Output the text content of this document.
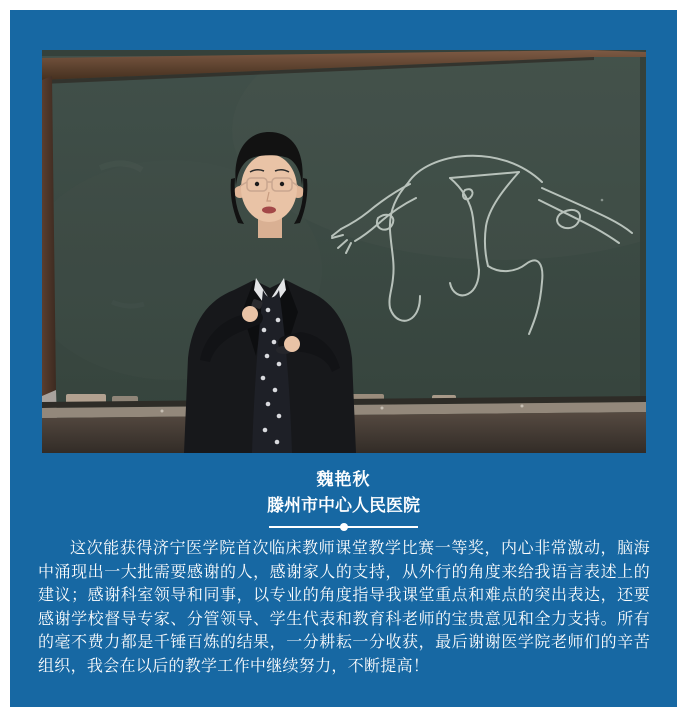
魏艳秋
滕州市中心人民医院

这次能获得济宁医学院首次临床教师课堂教学比赛一等奖，内心非常激动，脑海中涌现出一大批需要感谢的人，感谢家人的支持，从外行的角度来给我语言表述上的建议；感谢科室领导和同事，以专业的角度指导我课堂重点和难点的突出表达，还要感谢学校督导专家、分管领导、学生代表和教育科老师的宝贵意见和全力支持。所有的毫不费力都是千锤百炼的结果，一分耕耘一分收获，最后谢谢医学院老师们的辛苦组织，我会在以后的教学工作中继续努力，不断提高！
